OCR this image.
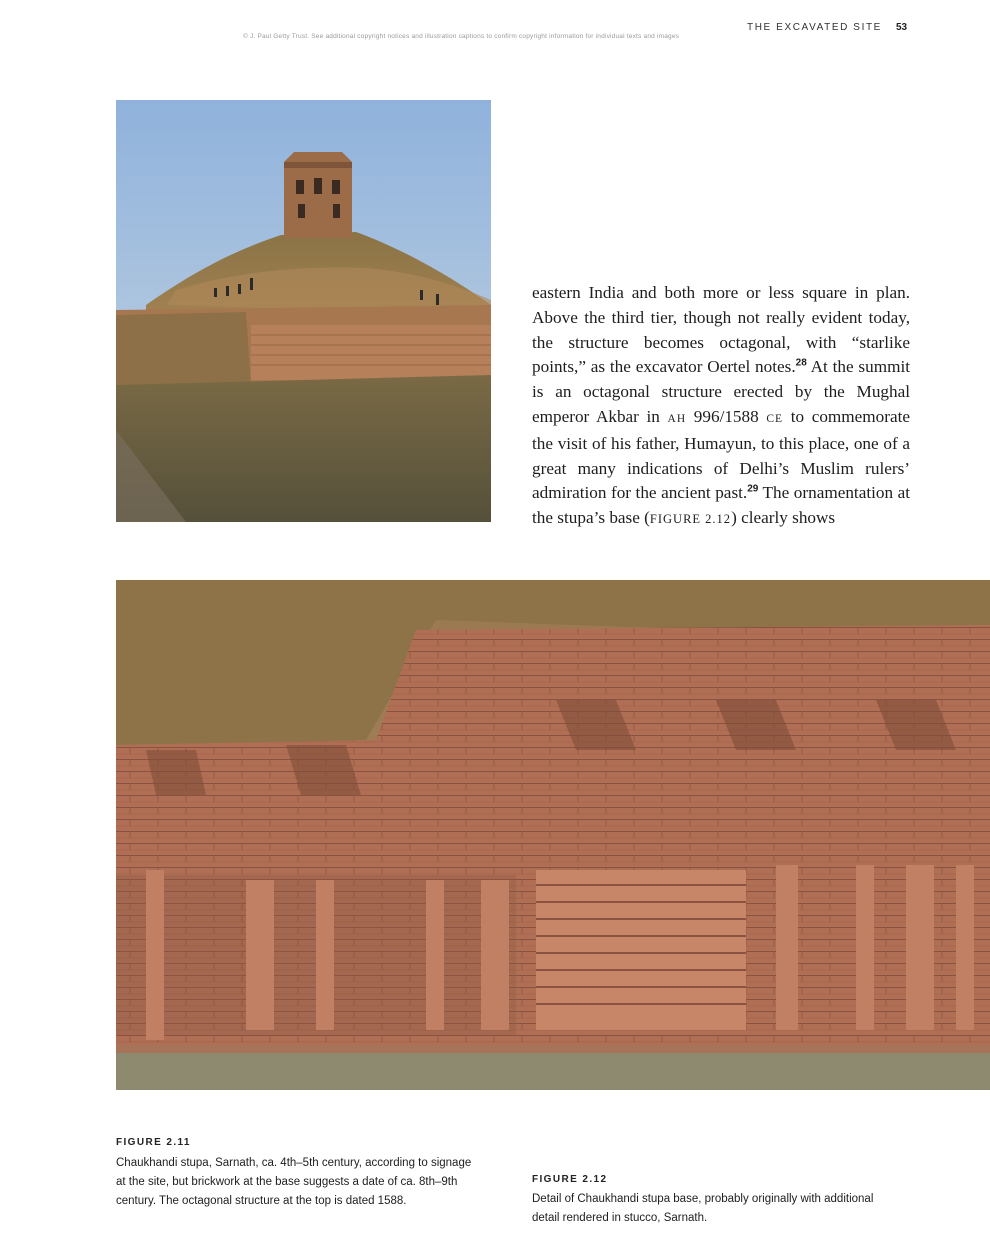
THE EXCAVATED SITE 53
© J. Paul Getty Trust. See additional copyright notices and illustration captions to confirm copyright information for individual texts and images

eastern India and both more or less square in plan. Above the third tier, though not really evident today, the structure becomes octagonal, with “starlike points,” as the excavator Oertel notes.$^{28}$ At the summit is an octagonal structure erected by the Mughal emperor Akbar in AH 996/1588 CE to commemorate the visit of his father, Humayun, to this place, one of a great many indications of Delhi’s Muslim rulers’ admiration for the ancient past.$^{29}$ The ornamentation at the stupa’s base (FIGURE 2.12) clearly shows

FIGURE 2.11
Chaukhandi stupa, Sarnath, ca. 4th–5th century, according to signage at the site, but brickwork at the base suggests a date of ca. 8th–9th century. The octagonal structure at the top is dated 1588.
FIGURE 2.12
Detail of Chaukhandi stupa base, probably originally with additional detail rendered in stucco, Sarnath.
